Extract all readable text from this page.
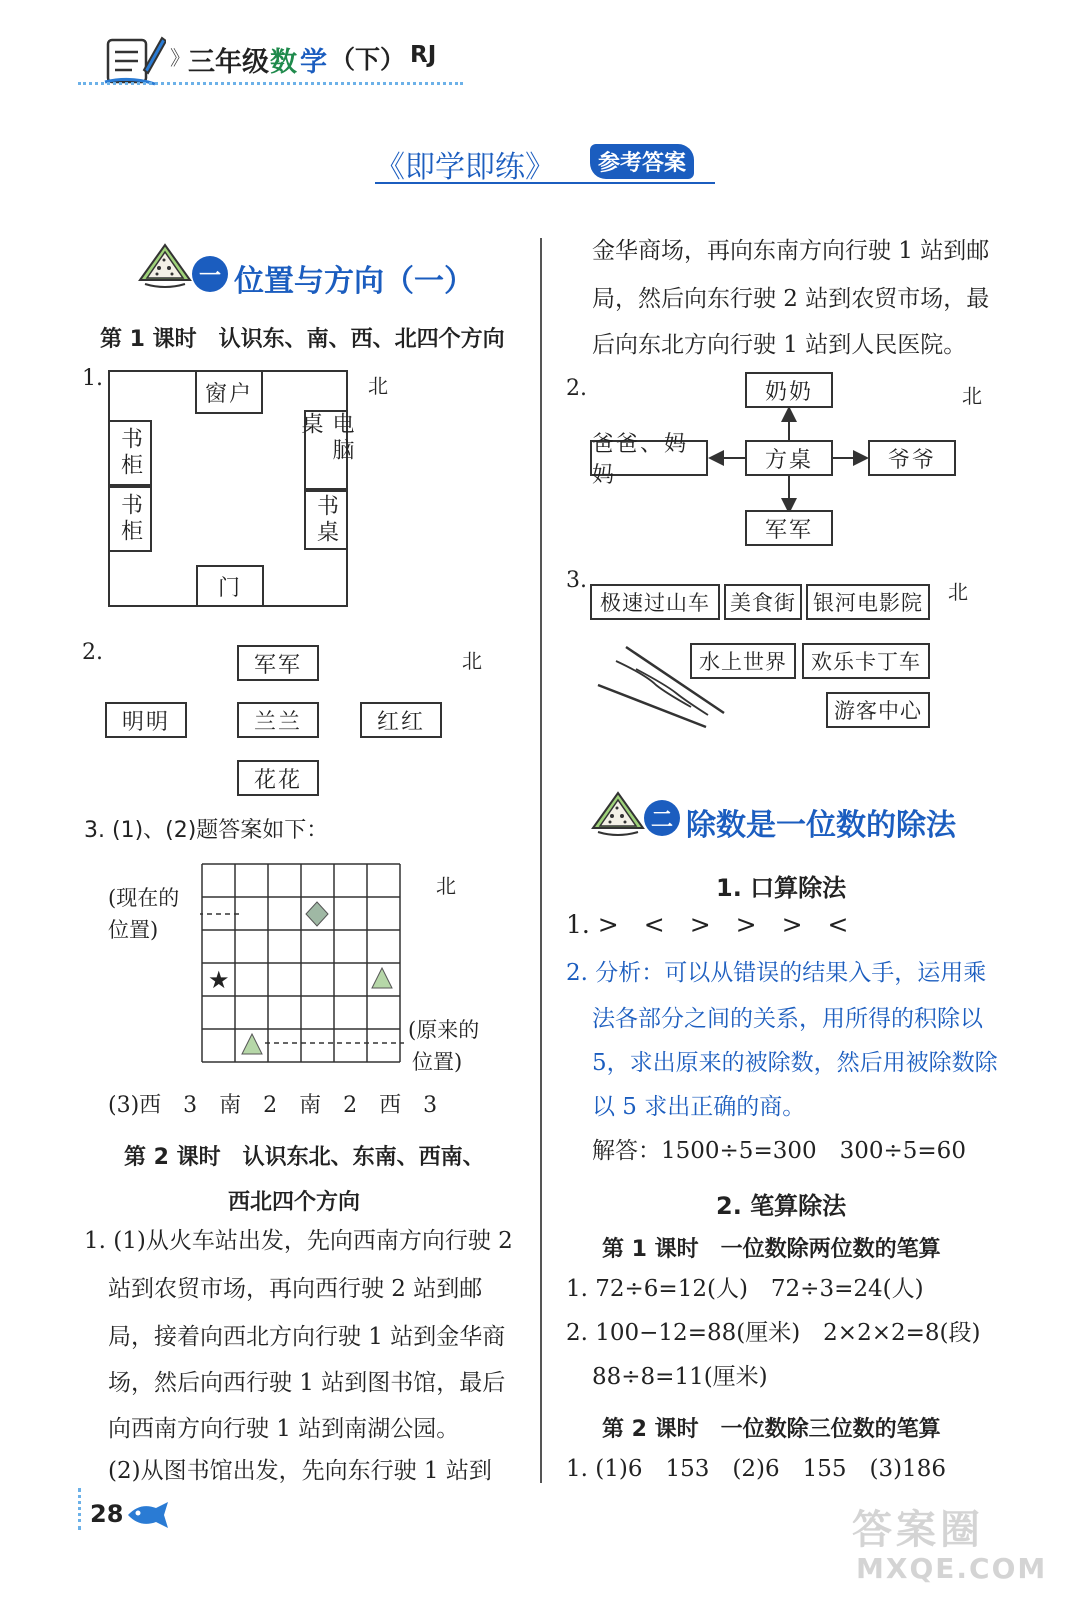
》
三年级 数 学 （下） RJ
《即学即练》	参考答案
一 位置与方向（一）
第 1 课时　认识东、南、西、北四个方向
1.	北
窗户
书柜
书柜
电脑桌
书桌
门
2.	北
军军
明明	兰兰	红红
花花
3. (1)、(2)题答案如下：
北
★
(现在的
位置)
(原来的
位置)
(3)西　3　南　2　南　2　西　3
第 2 课时　认识东北、东南、西南、
西北四个方向
1. (1)从火车站出发，先向西南方向行驶 2
站到农贸市场，再向西行驶 2 站到邮
局，接着向西北方向行驶 1 站到金华商
场，然后向西行驶 1 站到图书馆，最后
向西南方向行驶 1 站到南湖公园。
(2)从图书馆出发，先向东行驶 1 站到
金华商场，再向东南方向行驶 1 站到邮
局，然后向东行驶 2 站到农贸市场，最
后向东北方向行驶 1 站到人民医院。
2.	北
奶奶
爸爸、妈妈
方桌	爷爷
军军
3.	北
极速过山车 美食街 银河电影院
水上世界	欢乐卡丁车
游客中心
二 除数是一位数的除法
1. 口算除法
1. >　<　>　>　>　<
2. 分析：可以从错误的结果入手，运用乘
法各部分之间的关系，用所得的积除以
5，求出原来的被除数，然后用被除数除
以 5 求出正确的商。
解答：1500÷5=300　300÷5=60
2. 笔算除法
第 1 课时　一位数除两位数的笔算
1. 72÷6=12(人)　72÷3=24(人)
2. 100−12=88(厘米)　2×2×2=8(段)
88÷8=11(厘米)
第 2 课时　一位数除三位数的笔算
1. (1)6　153　(2)6　155　(3)186
28	答案圈
MXQE.COM
